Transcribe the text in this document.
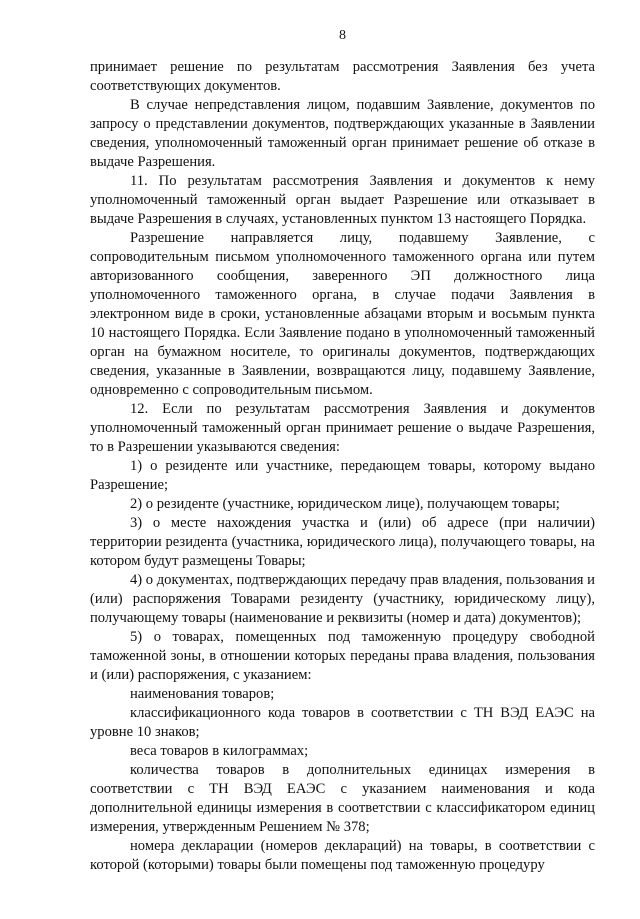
8

принимает решение по результатам рассмотрения Заявления без учета соответствующих документов.

В случае непредставления лицом, подавшим Заявление, документов по запросу о представлении документов, подтверждающих указанные в Заявлении сведения, уполномоченный таможенный орган принимает решение об отказе в выдаче Разрешения.

11. По результатам рассмотрения Заявления и документов к нему уполномоченный таможенный орган выдает Разрешение или отказывает в выдаче Разрешения в случаях, установленных пунктом 13 настоящего Порядка.

Разрешение направляется лицу, подавшему Заявление, с сопроводительным письмом уполномоченного таможенного органа или путем авторизованного сообщения, заверенного ЭП должностного лица уполномоченного таможенного органа, в случае подачи Заявления в электронном виде в сроки, установленные абзацами вторым и восьмым пункта 10 настоящего Порядка. Если Заявление подано в уполномоченный таможенный орган на бумажном носителе, то оригиналы документов, подтверждающих сведения, указанные в Заявлении, возвращаются лицу, подавшему Заявление, одновременно с сопроводительным письмом.

12. Если по результатам рассмотрения Заявления и документов уполномоченный таможенный орган принимает решение о выдаче Разрешения, то в Разрешении указываются сведения:

1) о резиденте или участнике, передающем товары, которому выдано Разрешение;

2) о резиденте (участнике, юридическом лице), получающем товары;

3) о месте нахождения участка и (или) об адресе (при наличии) территории резидента (участника, юридического лица), получающего товары, на котором будут размещены Товары;

4) о документах, подтверждающих передачу прав владения, пользования и (или) распоряжения Товарами резиденту (участнику, юридическому лицу), получающему товары (наименование и реквизиты (номер и дата) документов);

5) о товарах, помещенных под таможенную процедуру свободной таможенной зоны, в отношении которых переданы права владения, пользования и (или) распоряжения, с указанием:

наименования товаров;

классификационного кода товаров в соответствии с ТН ВЭД ЕАЭС на уровне 10 знаков;

веса товаров в килограммах;

количества товаров в дополнительных единицах измерения в соответствии с ТН ВЭД ЕАЭС с указанием наименования и кода дополнительной единицы измерения в соответствии с классификатором единиц измерения, утвержденным Решением № 378;

номера декларации (номеров деклараций) на товары, в соответствии с которой (которыми) товары были помещены под таможенную процедуру
